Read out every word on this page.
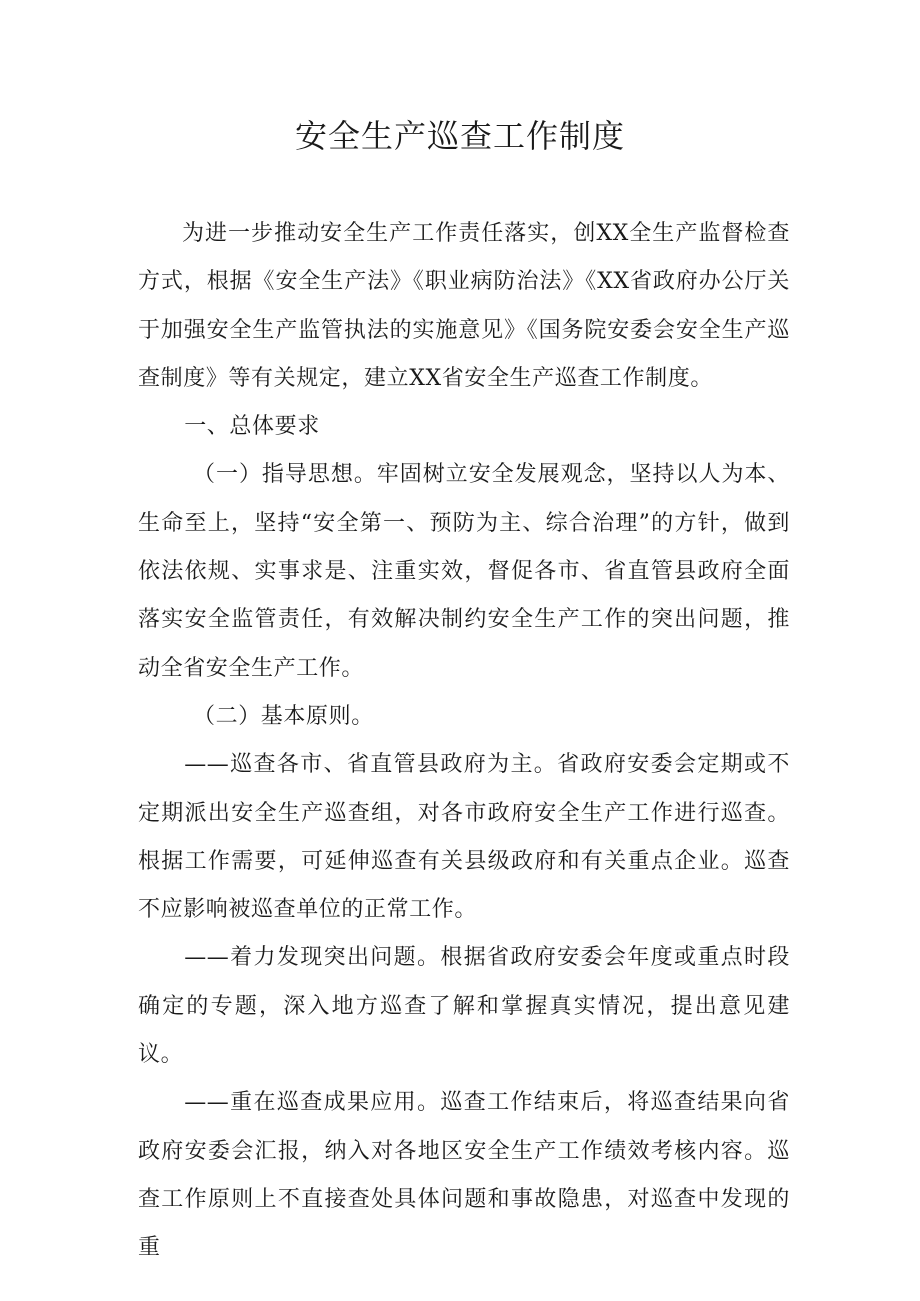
安全生产巡查工作制度

为进一步推动安全生产工作责任落实，创XX全生产监督检查方式，根据《安全生产法》《职业病防治法》《XX省政府办公厅关于加强安全生产监管执法的实施意见》《国务院安委会安全生产巡查制度》等有关规定，建立XX省安全生产巡查工作制度。

一、总体要求

（一）指导思想。牢固树立安全发展观念，坚持以人为本、生命至上，坚持“安全第一、预防为主、综合治理”的方针，做到依法依规、实事求是、注重实效，督促各市、省直管县政府全面落实安全监管责任，有效解决制约安全生产工作的突出问题，推动全省安全生产工作。

（二）基本原则。

——巡查各市、省直管县政府为主。省政府安委会定期或不定期派出安全生产巡查组，对各市政府安全生产工作进行巡查。根据工作需要，可延伸巡查有关县级政府和有关重点企业。巡查不应影响被巡查单位的正常工作。

——着力发现突出问题。根据省政府安委会年度或重点时段确定的专题，深入地方巡查了解和掌握真实情况，提出意见建议。

——重在巡查成果应用。巡查工作结束后，将巡查结果向省政府安委会汇报，纳入对各地区安全生产工作绩效考核内容。巡查工作原则上不直接查处具体问题和事故隐患，对巡查中发现的重
